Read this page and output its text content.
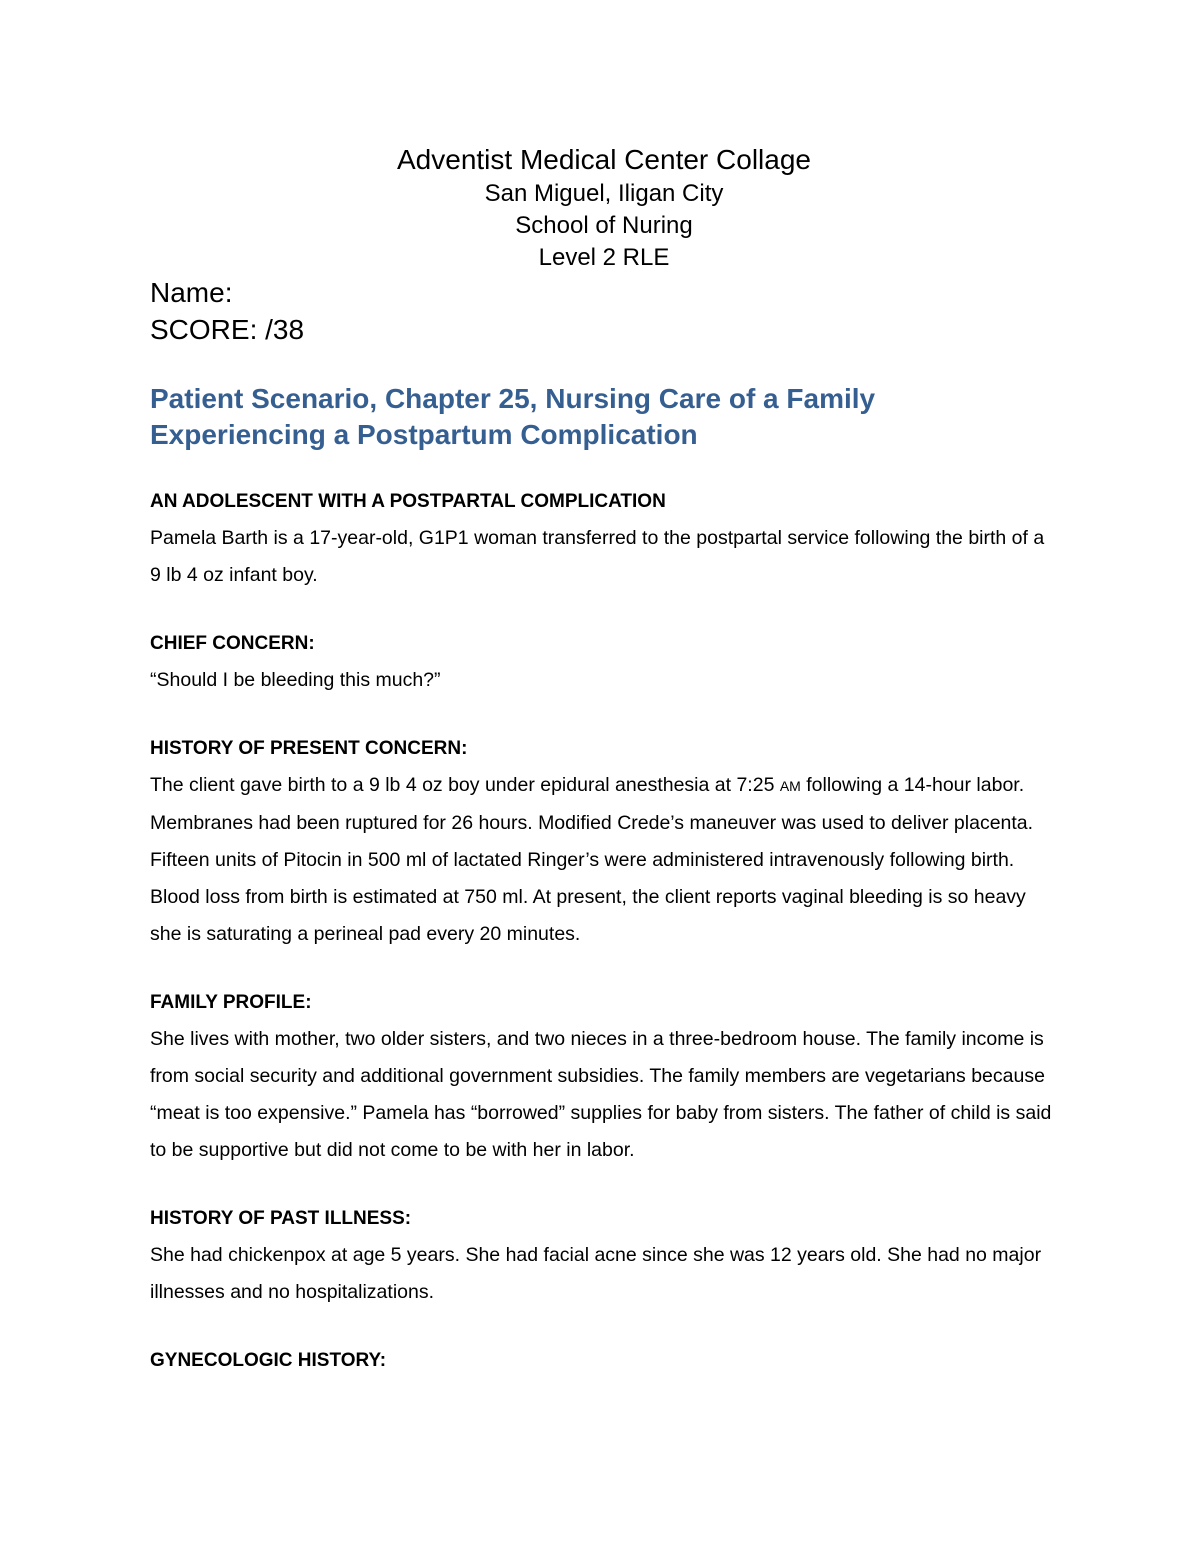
Adventist Medical Center Collage
San Miguel, Iligan City
School of Nuring
Level 2 RLE
Name:
SCORE: /38
Patient Scenario, Chapter 25, Nursing Care of a Family Experiencing a Postpartum Complication
AN ADOLESCENT WITH A POSTPARTAL COMPLICATION

Pamela Barth is a 17-year-old, G1P1 woman transferred to the postpartal service following the birth of a 9 lb 4 oz infant boy.

CHIEF CONCERN:

“Should I be bleeding this much?”

HISTORY OF PRESENT CONCERN:

The client gave birth to a 9 lb 4 oz boy under epidural anesthesia at 7:25 AM following a 14-hour labor. Membranes had been ruptured for 26 hours. Modified Crede’s maneuver was used to deliver placenta. Fifteen units of Pitocin in 500 ml of lactated Ringer’s were administered intravenously following birth. Blood loss from birth is estimated at 750 ml. At present, the client reports vaginal bleeding is so heavy she is saturating a perineal pad every 20 minutes.

FAMILY PROFILE:

She lives with mother, two older sisters, and two nieces in a three-bedroom house. The family income is from social security and additional government subsidies. The family members are vegetarians because “meat is too expensive.” Pamela has “borrowed” supplies for baby from sisters. The father of child is said to be supportive but did not come to be with her in labor.

HISTORY OF PAST ILLNESS:

She had chickenpox at age 5 years. She had facial acne since she was 12 years old. She had no major illnesses and no hospitalizations.

GYNECOLOGIC HISTORY:
